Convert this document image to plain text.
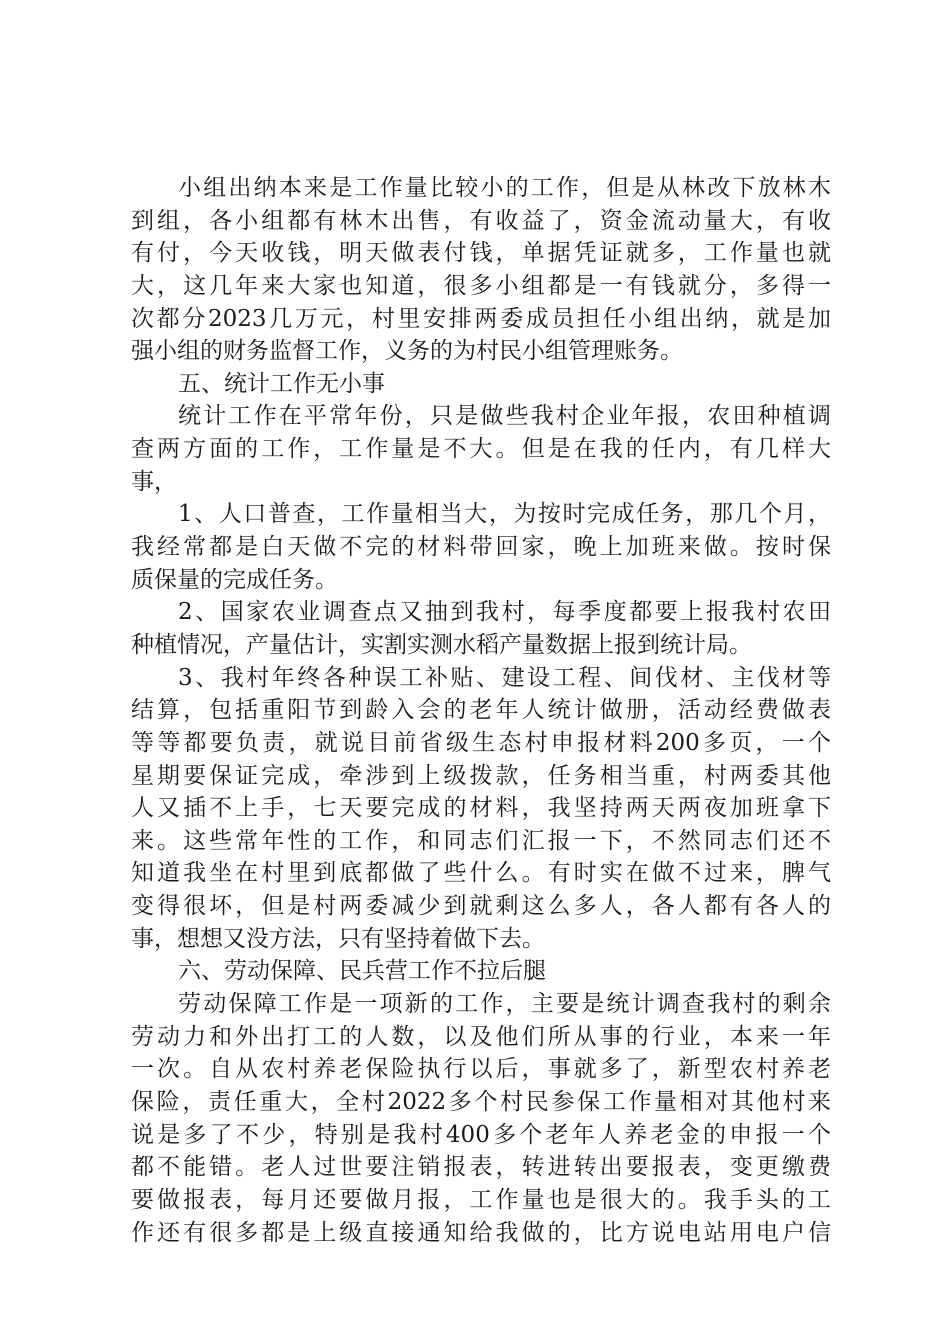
小组出纳本来是工作量比较小的工作，但是从林改下放林木
到组，各小组都有林木出售，有收益了，资金流动量大，有收
有付，今天收钱，明天做表付钱，单据凭证就多，工作量也就
大，这几年来大家也知道，很多小组都是一有钱就分，多得一
次都分2023几万元，村里安排两委成员担任小组出纳，就是加
强小组的财务监督工作，义务的为村民小组管理账务。
五、统计工作无小事
统计工作在平常年份，只是做些我村企业年报，农田种植调
查两方面的工作，工作量是不大。但是在我的任内，有几样大
事，
1、人口普查，工作量相当大，为按时完成任务，那几个月，
我经常都是白天做不完的材料带回家，晚上加班来做。按时保
质保量的完成任务。
2、国家农业调查点又抽到我村，每季度都要上报我村农田
种植情况，产量估计，实割实测水稻产量数据上报到统计局。
3、我村年终各种误工补贴、建设工程、间伐材、主伐材等
结算，包括重阳节到龄入会的老年人统计做册，活动经费做表
等等都要负责，就说目前省级生态村申报材料200多页，一个
星期要保证完成，牵涉到上级拨款，任务相当重，村两委其他
人又插不上手，七天要完成的材料，我坚持两天两夜加班拿下
来。这些常年性的工作，和同志们汇报一下，不然同志们还不
知道我坐在村里到底都做了些什么。有时实在做不过来，脾气
变得很坏，但是村两委减少到就剩这么多人，各人都有各人的
事，想想又没方法，只有坚持着做下去。
六、劳动保障、民兵营工作不拉后腿
劳动保障工作是一项新的工作，主要是统计调查我村的剩余
劳动力和外出打工的人数，以及他们所从事的行业，本来一年
一次。自从农村养老保险执行以后，事就多了，新型农村养老
保险，责任重大，全村2022多个村民参保工作量相对其他村来
说是多了不少，特别是我村400多个老年人养老金的申报一个
都不能错。老人过世要注销报表，转进转出要报表，变更缴费
要做报表，每月还要做月报，工作量也是很大的。我手头的工
作还有很多都是上级直接通知给我做的，比方说电站用电户信
